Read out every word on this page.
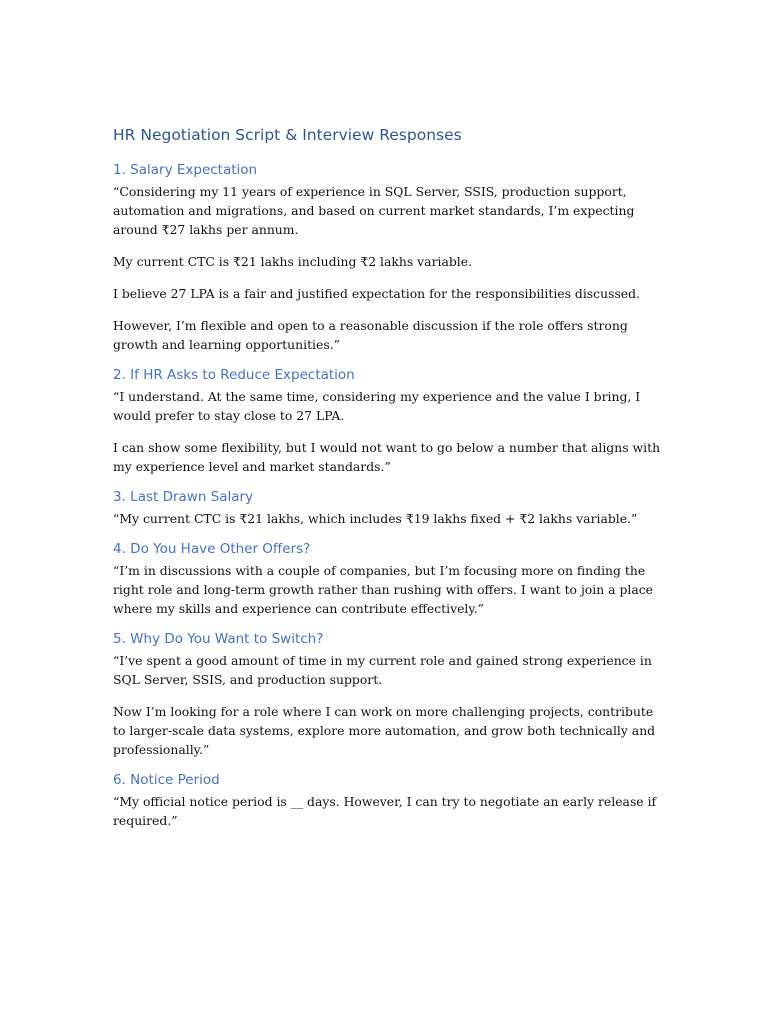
HR Negotiation Script & Interview Responses
1. Salary Expectation

“Considering my 11 years of experience in SQL Server, SSIS, production support, automation and migrations, and based on current market standards, I’m expecting around ₹27 lakhs per annum.

My current CTC is ₹21 lakhs including ₹2 lakhs variable.

I believe 27 LPA is a fair and justified expectation for the responsibilities discussed.

However, I’m flexible and open to a reasonable discussion if the role offers strong growth and learning opportunities.”

2. If HR Asks to Reduce Expectation

“I understand. At the same time, considering my experience and the value I bring, I would prefer to stay close to 27 LPA.

I can show some flexibility, but I would not want to go below a number that aligns with my experience level and market standards.”

3. Last Drawn Salary

“My current CTC is ₹21 lakhs, which includes ₹19 lakhs fixed + ₹2 lakhs variable.”

4. Do You Have Other Offers?

“I’m in discussions with a couple of companies, but I’m focusing more on finding the right role and long-term growth rather than rushing with offers. I want to join a place where my skills and experience can contribute effectively.”

5. Why Do You Want to Switch?

“I’ve spent a good amount of time in my current role and gained strong experience in SQL Server, SSIS, and production support.

Now I’m looking for a role where I can work on more challenging projects, contribute to larger-scale data systems, explore more automation, and grow both technically and professionally.”

6. Notice Period

“My official notice period is __ days. However, I can try to negotiate an early release if required.”
